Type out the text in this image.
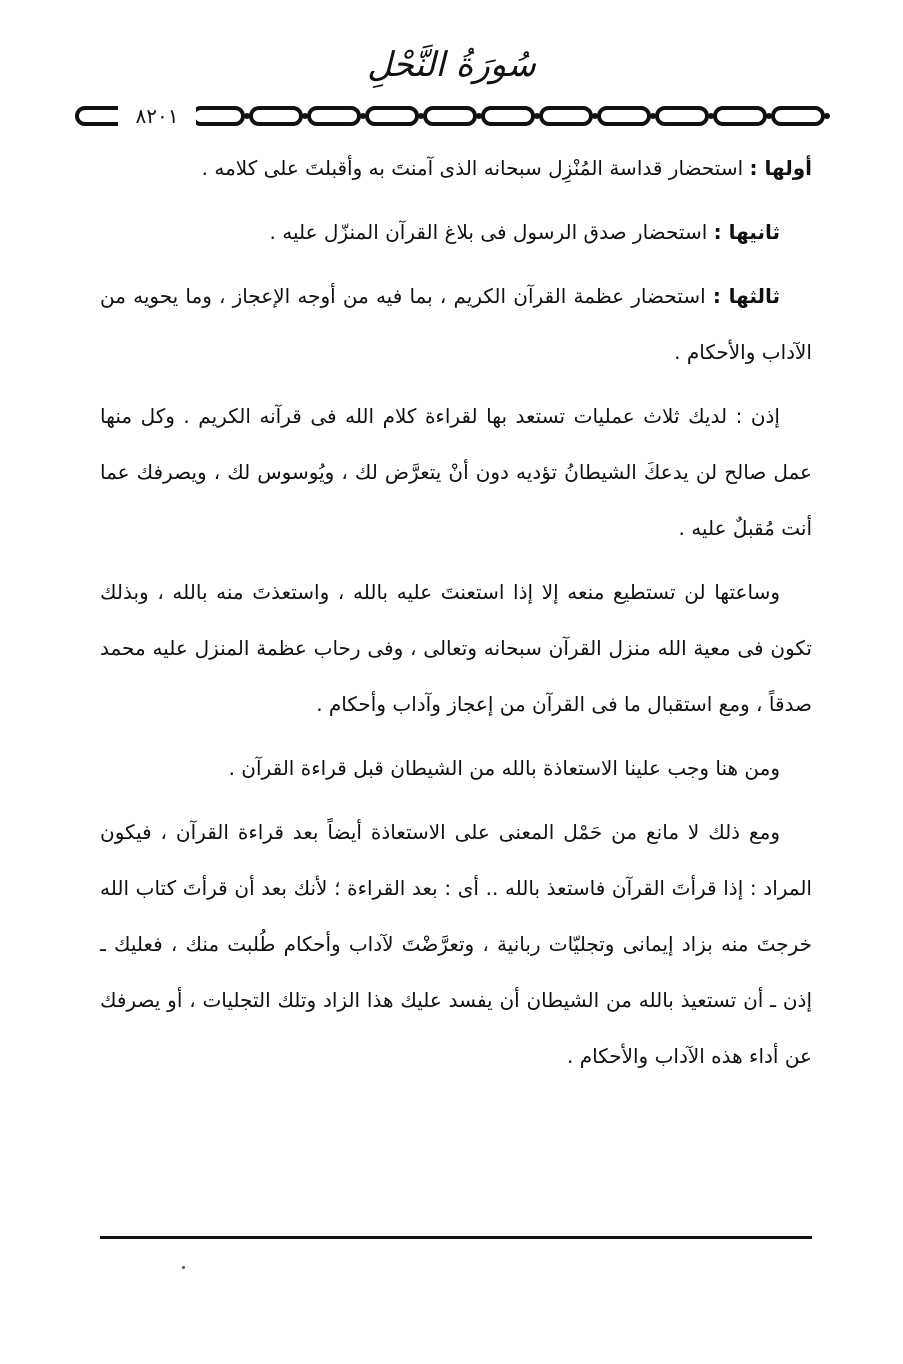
سُورَةُ النَّحْلِ
٨٢٠١

أولها : استحضار قداسة المُنْزِل سبحانه الذى آمنتَ به وأقبلتَ على كلامه .

ثانيها : استحضار صدق الرسول فى بلاغ القرآن المنزّل عليه .

ثالثها : استحضار عظمة القرآن الكريم ، بما فيه من أوجه الإعجاز ، وما يحويه من الآداب والأحكام .

إذن : لديك ثلاث عمليات تستعد بها لقراءة كلام الله فى قرآنه الكريم . وكل منها عمل صالح لن يدعكَ الشيطانُ تؤديه دون أنْ يتعرَّض لك ، ويُوسوس لك ، ويصرفك عما أنت مُقبلٌ عليه .

وساعتها لن تستطيع منعه إلا إذا استعنتَ عليه بالله ، واستعذتَ منه بالله ، وبذلك تكون فى معية الله منزل القرآن سبحانه وتعالى ، وفى رحاب عظمة المنزل عليه محمد صدقاً ، ومع استقبال ما فى القرآن من إعجاز وآداب وأحكام .

ومن هنا وجب علينا الاستعاذة بالله من الشيطان قبل قراءة القرآن .

ومع ذلك لا مانع من حَمْل المعنى على الاستعاذة أيضاً بعد قراءة القرآن ، فيكون المراد : إذا قرأتَ القرآن فاستعذ بالله .. أى : بعد القراءة ؛ لأنك بعد أن قرأتَ كتاب الله خرجتَ منه بزاد إيمانى وتجليّات ربانية ، وتعرَّضْتَ لآداب وأحكام طُلبت منك ، فعليك ـ إذن ـ أن تستعيذ بالله من الشيطان أن يفسد عليك هذا الزاد وتلك التجليات ، أو يصرفك عن أداء هذه الآداب والأحكام .
